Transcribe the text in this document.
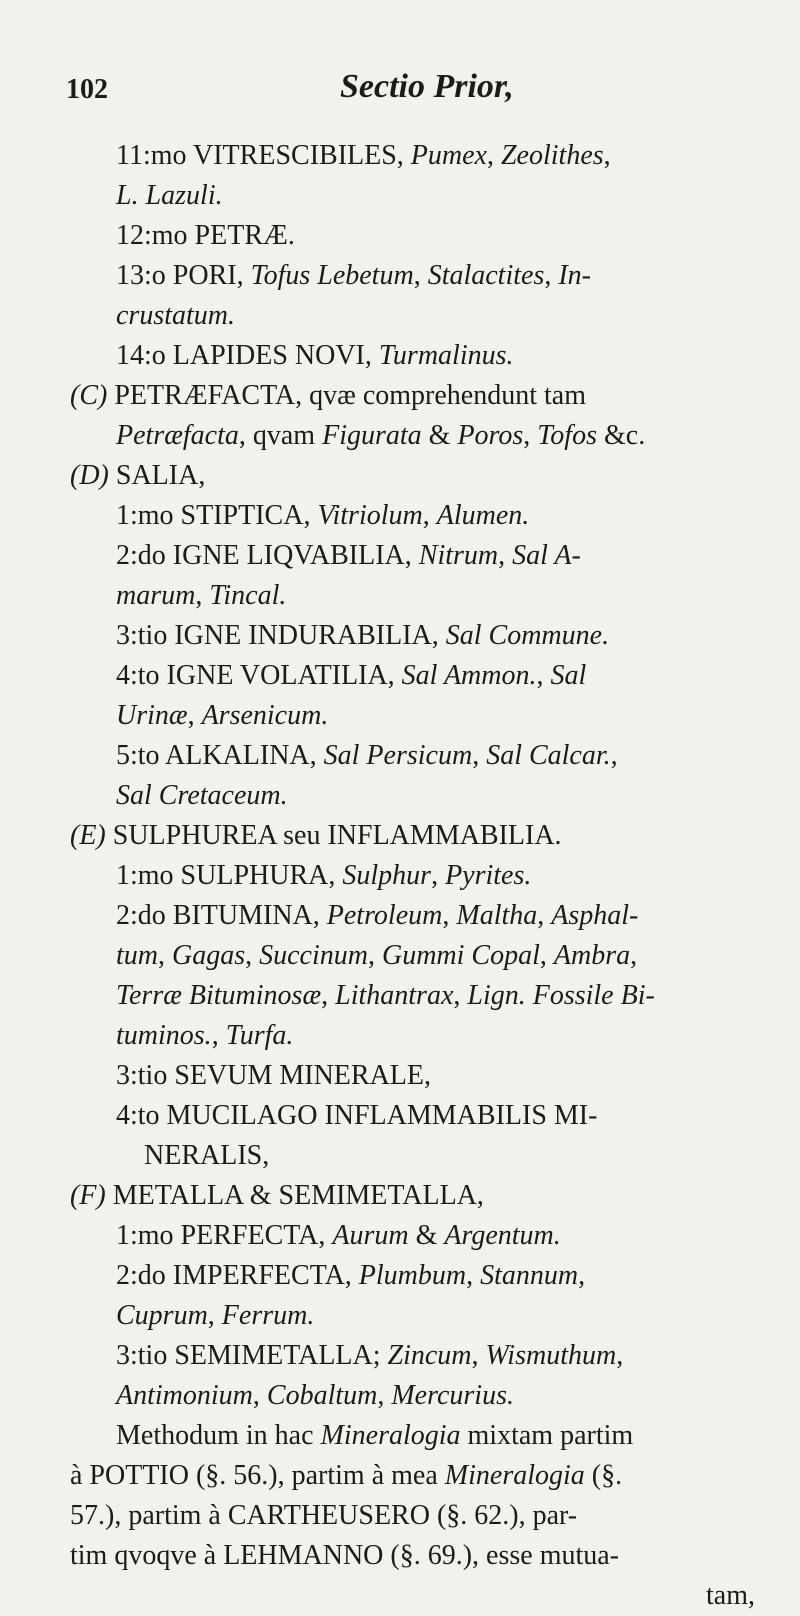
102	Sectio Prior,
11:mo VITRESCIBILES, Pumex, Zeolithes,
L. Lazuli.
12:mo PETRÆ.
13:o PORI, Tofus Lebetum, Stalactites, In-
crustatum.
14:o LAPIDES NOVI, Turmalinus.
(C) PETRÆFACTA, qvæ comprehendunt tam
Petræfacta, qvam Figurata & Poros, Tofos &c.
(D) SALIA,
1:mo STIPTICA, Vitriolum, Alumen.
2:do IGNE LIQVABILIA, Nitrum, Sal A-
marum, Tincal.
3:tio IGNE INDURABILIA, Sal Commune.
4:to IGNE VOLATILIA, Sal Ammon., Sal
Urinæ, Arsenicum.
5:to ALKALINA, Sal Persicum, Sal Calcar.,
Sal Cretaceum.
(E) SULPHUREA seu INFLAMMABILIA.
1:mo SULPHURA, Sulphur, Pyrites.
2:do BITUMINA, Petroleum, Maltha, Asphal-
tum, Gagas, Succinum, Gummi Copal, Ambra,
Terræ Bituminosæ, Lithantrax, Lign. Fossile Bi-
tuminos., Turfa.
3:tio SEVUM MINERALE,
4:to MUCILAGO INFLAMMABILIS MI-
NERALIS,
(F) METALLA & SEMIMETALLA,
1:mo PERFECTA, Aurum & Argentum.
2:do IMPERFECTA, Plumbum, Stannum,
Cuprum, Ferrum.
3:tio SEMIMETALLA; Zincum, Wismuthum,
Antimonium, Cobaltum, Mercurius.
Methodum in hac Mineralogia mixtam partim
à POTTIO (§. 56.), partim à mea Mineralogia (§.
57.), partim à CARTHEUSERO (§. 62.), par-
tim qvoqve à LEHMANNO (§. 69.), esse mutua-
tam,
